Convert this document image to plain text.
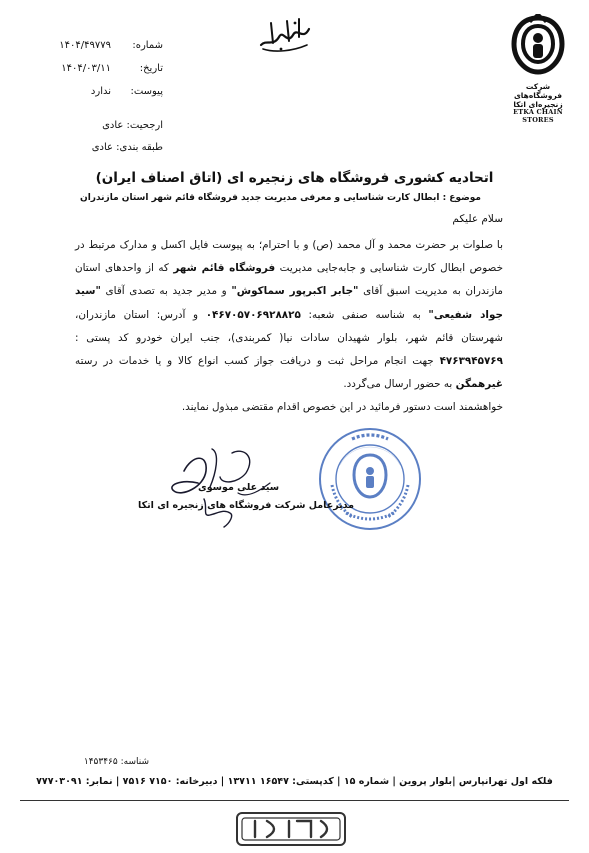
شرکت فروشگاه‌های زنجیره‌ای اتکا
ETKA CHAIN STORES
شماره:
۱۴۰۴/۴۹۷۷۹
تاریخ:
۱۴۰۴/۰۳/۱۱
پیوست:
ندارد
ارجحیت: عادی
طبقه بندی: عادی
اتحادیه کشوری فروشگاه های زنجیره ای (اتاق اصناف ایران)
موضوع : ابطال کارت شناسایی و معرفی مدیریت جدید فروشگاه قائم شهر استان مازندران
سلام علیکم
با صلوات بر حضرت محمد و آل محمد (ص) و با احترام؛ به پیوست فایل اکسل و مدارک مرتبط در خصوص ابطال کارت شناسایی و جابه‌جایی مدیریت فروشگاه قائم شهر که از واحدهای استان مازندران به مدیریت اسبق آقای "جابر اکبرپور سماکوش" و مدیر جدید به تصدی آقای "سید جواد شفیعی" به شناسه صنفی شعبه: ۰۴۶۷۰۵۷۰۶۹۲۸۸۲۵ و آدرس: استان مازندران، شهرستان قائم شهر، بلوار شهیدان سادات نیا( کمربندی)، جنب ایران خودرو کد پستی : ۴۷۶۳۹۴۵۷۶۹ جهت انجام مراحل ثبت و دریافت جواز کسب انواع کالا و یا خدمات در رسته غیرهمگن به حضور ارسال می‌گردد.
خواهشمند است دستور فرمائید در این خصوص اقدام مقتضی مبذول نمایند.
سید علی موسوی
مدیرعامل شرکت فروشگاه های زنجیره ای اتکا
شناسه: ۱۴۵۳۴۶۵
فلکه اول تهرانپارس |بلوار پروین | شماره ۱۵ | کدپستی: ۱۶۵۴۷ ۱۳۷۱۱ | دبیرخانه: ۷۱۵۰ ۷۵۱۶ | نمابر: ۷۷۷۰۳۰۹۱
